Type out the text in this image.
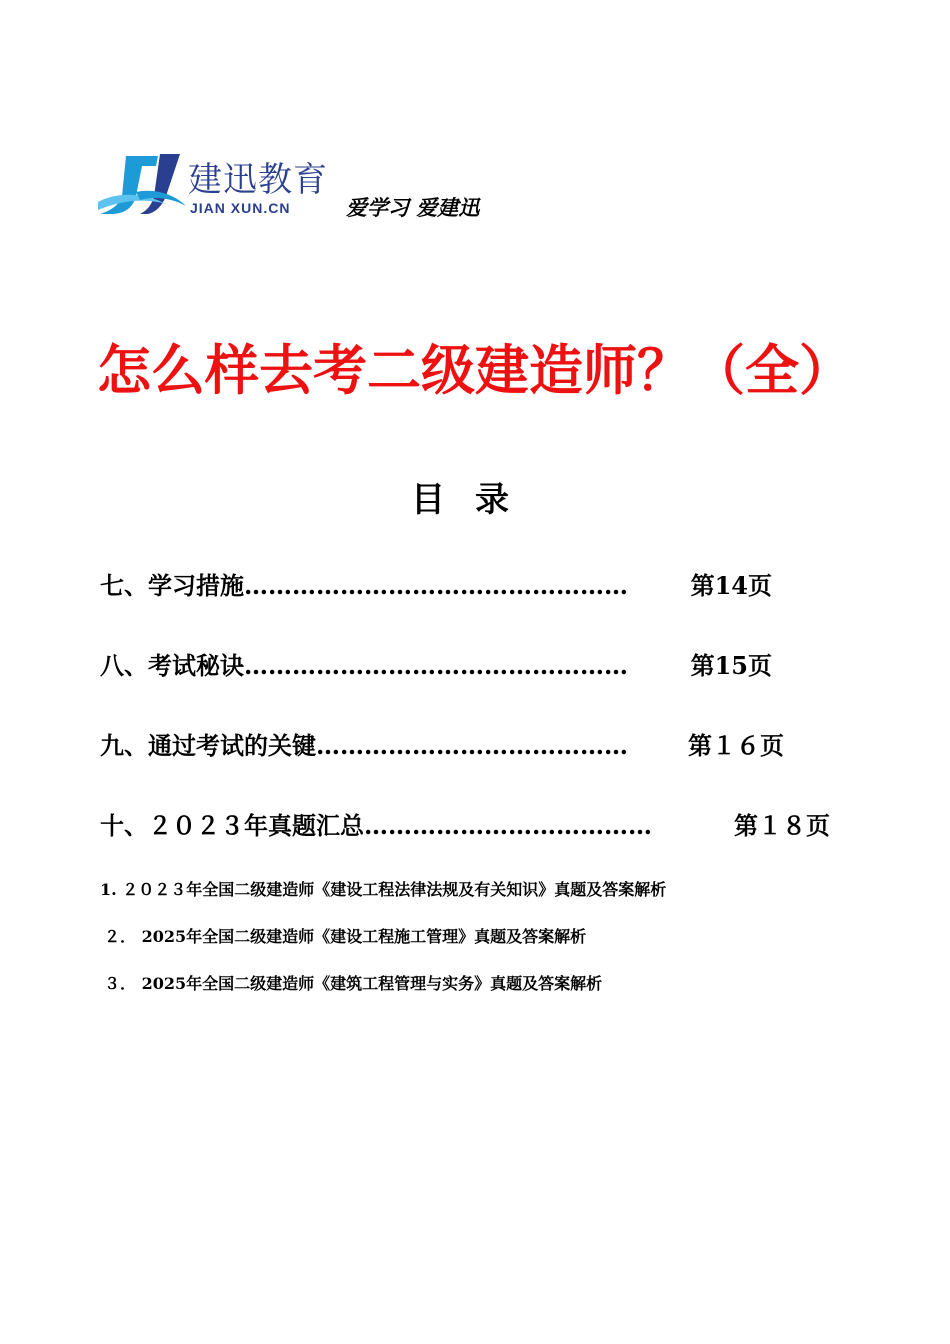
建迅教育
JIAN XUN.CN	爱学习 爱建迅
怎么样去考二级建造师？（全）
目录
七、学习措施 …………………………………………	第14页
八、考试秘诀 …………………………………………	第15页
九、通过考试的关键 …………………………………	第１６页
十、２０２３年真题汇总 ………………………………	第１８页
1. ２０２３年全国二级建造师《建设工程法律法规及有关知识》真题及答案解析
２． 2025年全国二级建造师《建设工程施工管理》真题及答案解析
３． 2025年全国二级建造师《建筑工程管理与实务》真题及答案解析
